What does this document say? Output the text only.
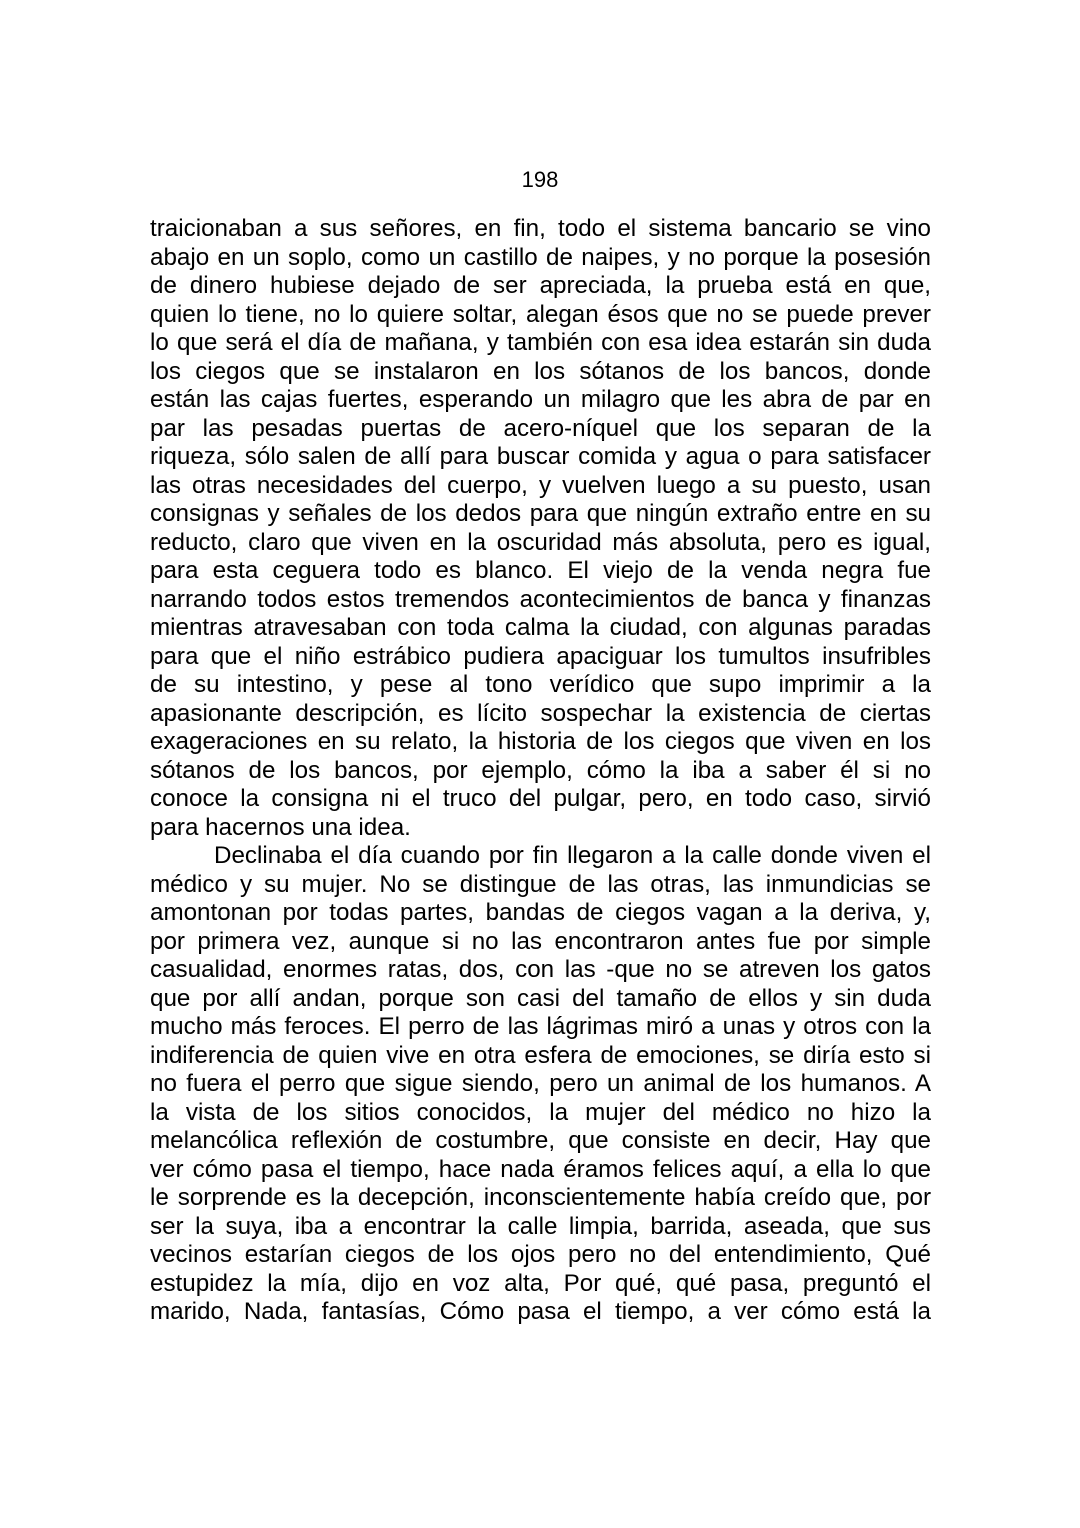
198
traicionaban a sus señores, en fin, todo el sistema bancario se vino
abajo en un soplo, como un castillo de naipes, y no porque la posesión
de dinero hubiese dejado de ser apreciada, la prueba está en que,
quien lo tiene, no lo quiere soltar, alegan ésos que no se puede prever
lo que será el día de mañana, y también con esa idea estarán sin duda
los ciegos que se instalaron en los sótanos de los bancos, donde
están las cajas fuertes, esperando un milagro que les abra de par en
par las pesadas puertas de acero-níquel que los separan de la
riqueza, sólo salen de allí para buscar comida y agua o para satisfacer
las otras necesidades del cuerpo, y vuelven luego a su puesto, usan
consignas y señales de los dedos para que ningún extraño entre en su
reducto, claro que viven en la oscuridad más absoluta, pero es igual,
para esta ceguera todo es blanco. El viejo de la venda negra fue
narrando todos estos tremendos acontecimientos de banca y finanzas
mientras atravesaban con toda calma la ciudad, con algunas paradas
para que el niño estrábico pudiera apaciguar los tumultos insufribles
de su intestino, y pese al tono verídico que supo imprimir a la
apasionante descripción, es lícito sospechar la existencia de ciertas
exageraciones en su relato, la historia de los ciegos que viven en los
sótanos de los bancos, por ejemplo, cómo la iba a saber él si no
conoce la consigna ni el truco del pulgar, pero, en todo caso, sirvió
para hacernos una idea.
Declinaba el día cuando por fin llegaron a la calle donde viven el
médico y su mujer. No se distingue de las otras, las inmundicias se
amontonan por todas partes, bandas de ciegos vagan a la deriva, y,
por primera vez, aunque si no las encontraron antes fue por simple
casualidad, enormes ratas, dos, con las -que no se atreven los gatos
que por allí andan, porque son casi del tamaño de ellos y sin duda
mucho más feroces. El perro de las lágrimas miró a unas y otros con la
indiferencia de quien vive en otra esfera de emociones, se diría esto si
no fuera el perro que sigue siendo, pero un animal de los humanos. A
la vista de los sitios conocidos, la mujer del médico no hizo la
melancólica reflexión de costumbre, que consiste en decir, Hay que
ver cómo pasa el tiempo, hace nada éramos felices aquí, a ella lo que
le sorprende es la decepción, inconscientemente había creído que, por
ser la suya, iba a encontrar la calle limpia, barrida, aseada, que sus
vecinos estarían ciegos de los ojos pero no del entendimiento, Qué
estupidez la mía, dijo en voz alta, Por qué, qué pasa, preguntó el
marido, Nada, fantasías, Cómo pasa el tiempo, a ver cómo está la
